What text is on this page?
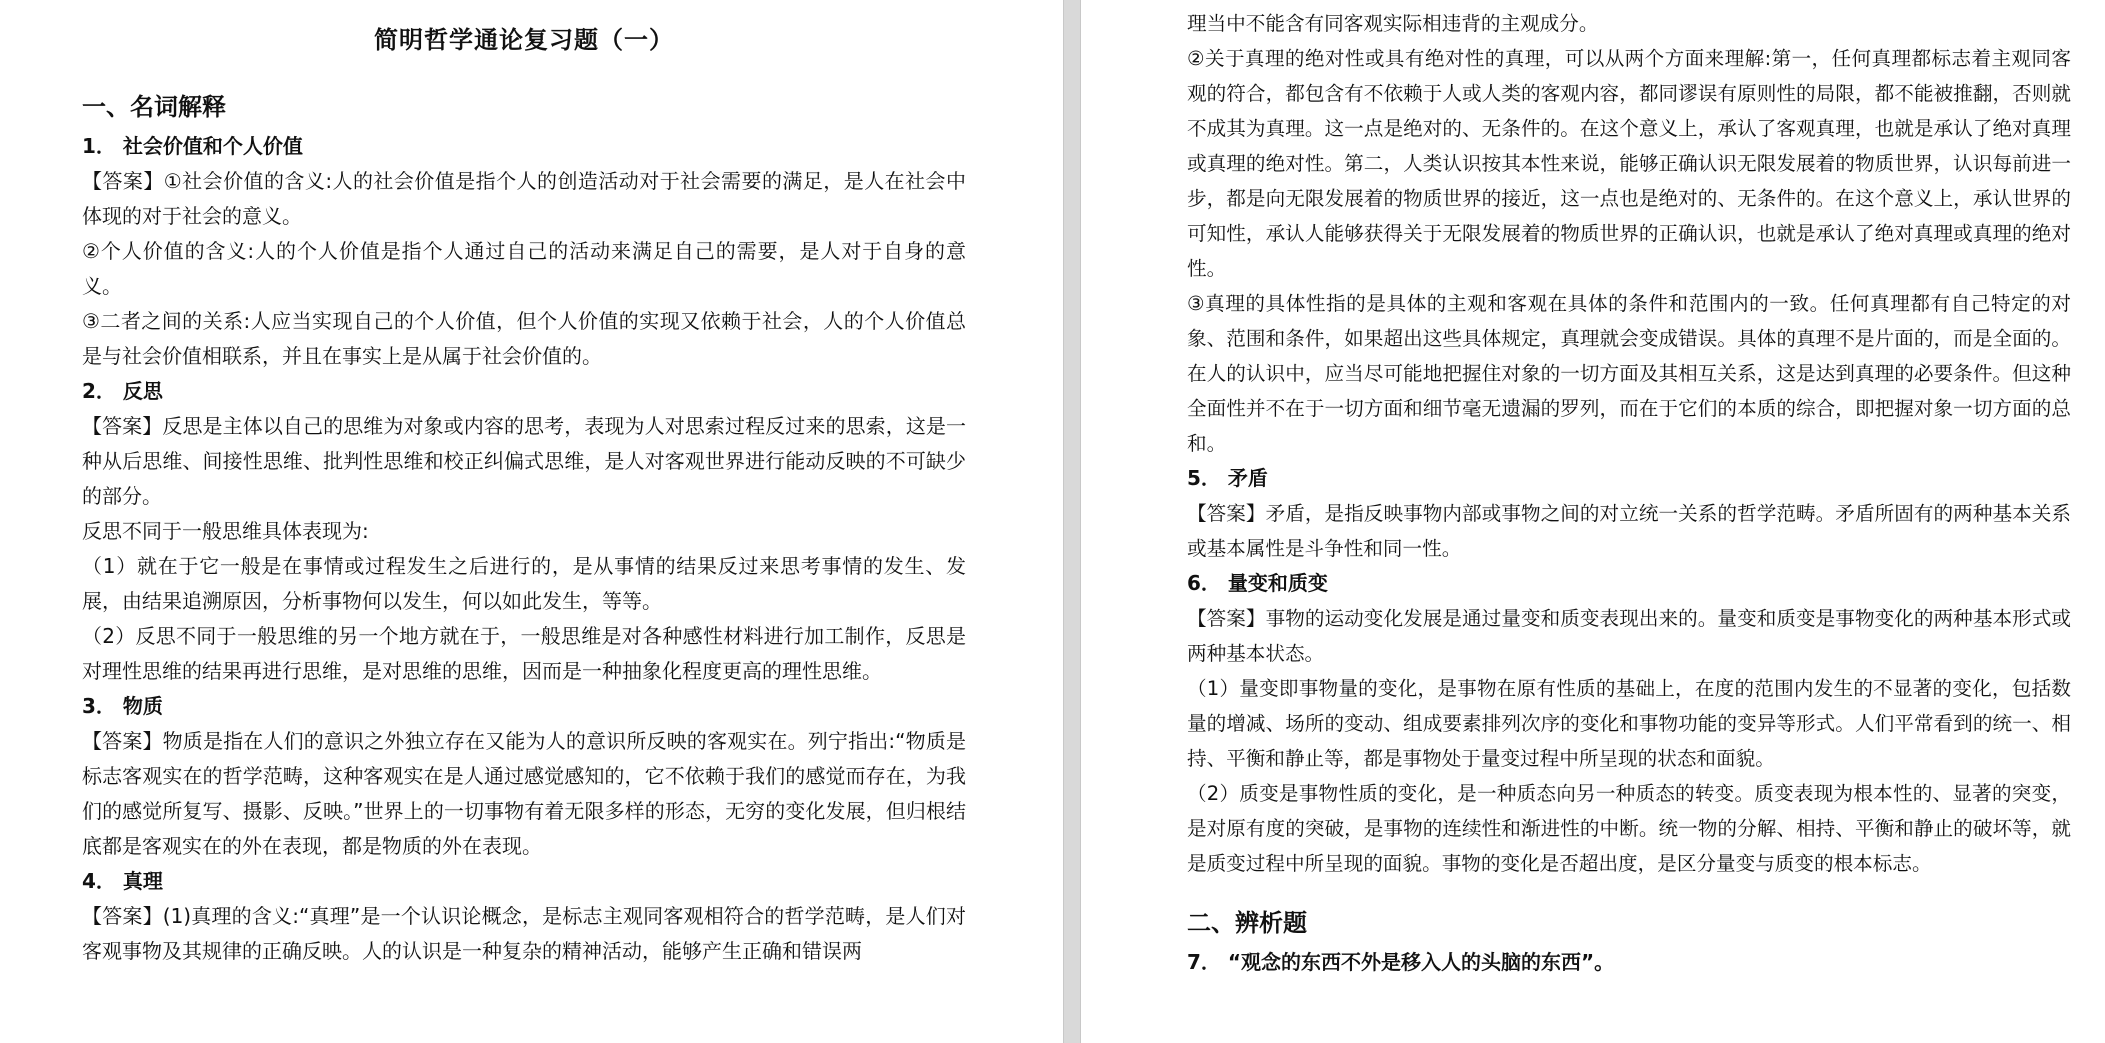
简明哲学通论复习题（一）
一、名词解释
1． 社会价值和个人价值

【答案】①社会价值的含义:人的社会价值是指个人的创造活动对于社会需要的满足，是人在社会中体现的对于社会的意义。

②个人价值的含义:人的个人价值是指个人通过自己的活动来满足自己的需要，是人对于自身的意义。

③二者之间的关系:人应当实现自己的个人价值，但个人价值的实现又依赖于社会，人的个人价值总是与社会价值相联系，并且在事实上是从属于社会价值的。

2． 反思

【答案】反思是主体以自己的思维为对象或内容的思考，表现为人对思索过程反过来的思索，这是一种从后思维、间接性思维、批判性思维和校正纠偏式思维，是人对客观世界进行能动反映的不可缺少的部分。

反思不同于一般思维具体表现为:

（1）就在于它一般是在事情或过程发生之后进行的，是从事情的结果反过来思考事情的发生、发展，由结果追溯原因，分析事物何以发生，何以如此发生，等等。

（2）反思不同于一般思维的另一个地方就在于，一般思维是对各种感性材料进行加工制作，反思是对理性思维的结果再进行思维，是对思维的思维，因而是一种抽象化程度更高的理性思维。

3． 物质

【答案】物质是指在人们的意识之外独立存在又能为人的意识所反映的客观实在。列宁指出:“物质是标志客观实在的哲学范畴，这种客观实在是人通过感觉感知的，它不依赖于我们的感觉而存在，为我们的感觉所复写、摄影、反映。”世界上的一切事物有着无限多样的形态，无穷的变化发展，但归根结底都是客观实在的外在表现，都是物质的外在表现。

4． 真理

【答案】(1)真理的含义:“真理”是一个认识论概念，是标志主观同客观相符合的哲学范畴，是人们对客观事物及其规律的正确反映。人的认识是一种复杂的精神活动，能够产生正确和错误两

理当中不能含有同客观实际相违背的主观成分。

②关于真理的绝对性或具有绝对性的真理，可以从两个方面来理解:第一，任何真理都标志着主观同客观的符合，都包含有不依赖于人或人类的客观内容，都同谬误有原则性的局限，都不能被推翻，否则就不成其为真理。这一点是绝对的、无条件的。在这个意义上，承认了客观真理，也就是承认了绝对真理或真理的绝对性。第二，人类认识按其本性来说，能够正确认识无限发展着的物质世界，认识每前进一步，都是向无限发展着的物质世界的接近，这一点也是绝对的、无条件的。在这个意义上，承认世界的可知性，承认人能够获得关于无限发展着的物质世界的正确认识，也就是承认了绝对真理或真理的绝对性。

③真理的具体性指的是具体的主观和客观在具体的条件和范围内的一致。任何真理都有自己特定的对象、范围和条件，如果超出这些具体规定，真理就会变成错误。具体的真理不是片面的，而是全面的。在人的认识中，应当尽可能地把握住对象的一切方面及其相互关系，这是达到真理的必要条件。但这种全面性并不在于一切方面和细节毫无遗漏的罗列，而在于它们的本质的综合，即把握对象一切方面的总和。

5． 矛盾

【答案】矛盾，是指反映事物内部或事物之间的对立统一关系的哲学范畴。矛盾所固有的两种基本关系或基本属性是斗争性和同一性。

6． 量变和质变

【答案】事物的运动变化发展是通过量变和质变表现出来的。量变和质变是事物变化的两种基本形式或两种基本状态。

（1）量变即事物量的变化，是事物在原有性质的基础上，在度的范围内发生的不显著的变化，包括数量的增减、场所的变动、组成要素排列次序的变化和事物功能的变异等形式。人们平常看到的统一、相持、平衡和静止等，都是事物处于量变过程中所呈现的状态和面貌。

（2）质变是事物性质的变化，是一种质态向另一种质态的转变。质变表现为根本性的、显著的突变，是对原有度的突破，是事物的连续性和渐进性的中断。统一物的分解、相持、平衡和静止的破坏等，就是质变过程中所呈现的面貌。事物的变化是否超出度，是区分量变与质变的根本标志。

二、辨析题
7． “观念的东西不外是移入人的头脑的东西”。
